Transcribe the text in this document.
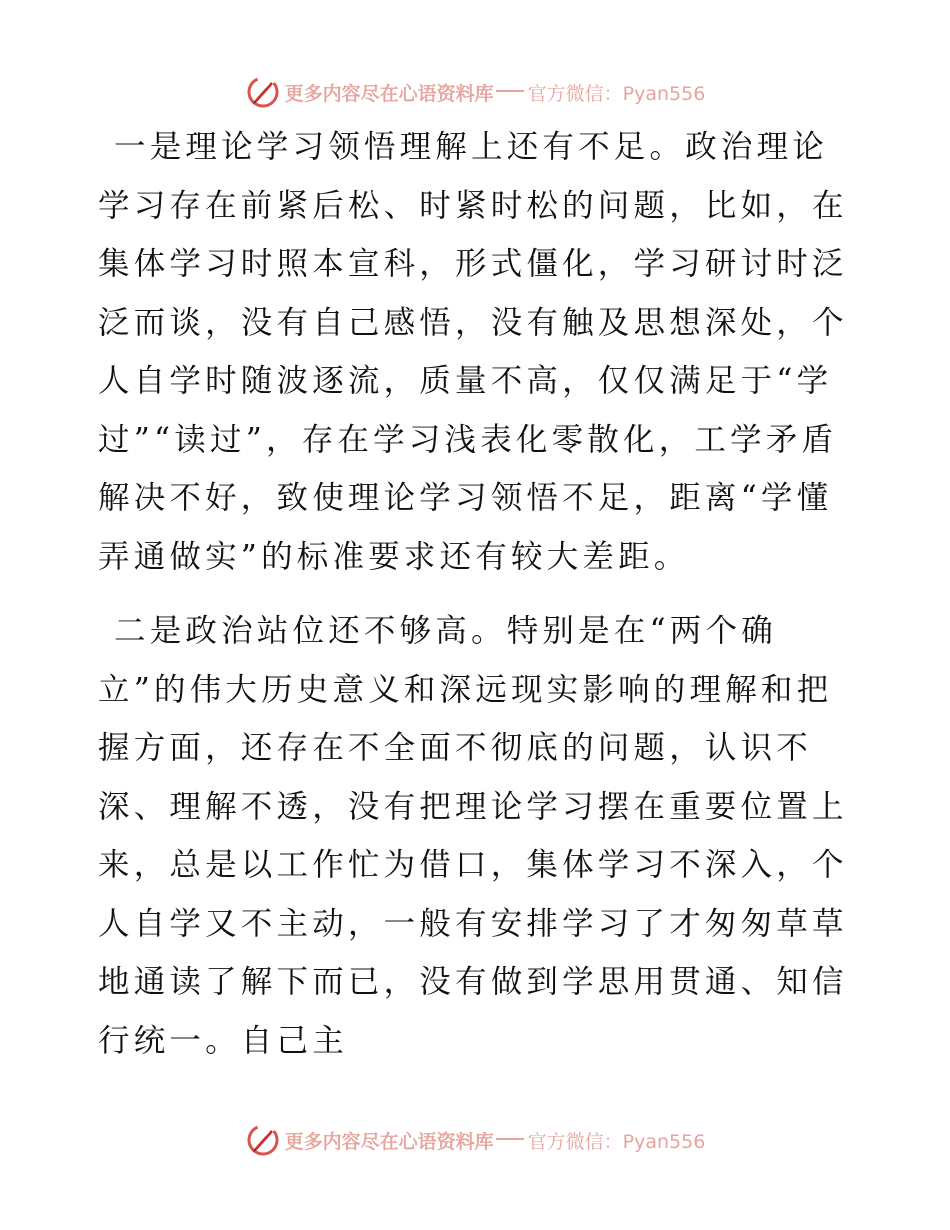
更多内容尽在心语资料库 官方微信：Pyan556

一是理论学习领悟理解上还有不足。政治理论学习存在前紧后松、时紧时松的问题，比如，在集体学习时照本宣科，形式僵化，学习研讨时泛泛而谈，没有自己感悟，没有触及思想深处，个人自学时随波逐流，质量不高，仅仅满足于“学过”“读过”，存在学习浅表化零散化，工学矛盾解决不好，致使理论学习领悟不足，距离“学懂弄通做实”的标准要求还有较大差距。

二是政治站位还不够高。特别是在“两个确立”的伟大历史意义和深远现实影响的理解和把握方面，还存在不全面不彻底的问题，认识不深、理解不透，没有把理论学习摆在重要位置上来，总是以工作忙为借口，集体学习不深入，个人自学又不主动，一般有安排学习了才匆匆草草地通读了解下而已，没有做到学思用贯通、知信行统一。自己主

更多内容尽在心语资料库 官方微信：Pyan556
